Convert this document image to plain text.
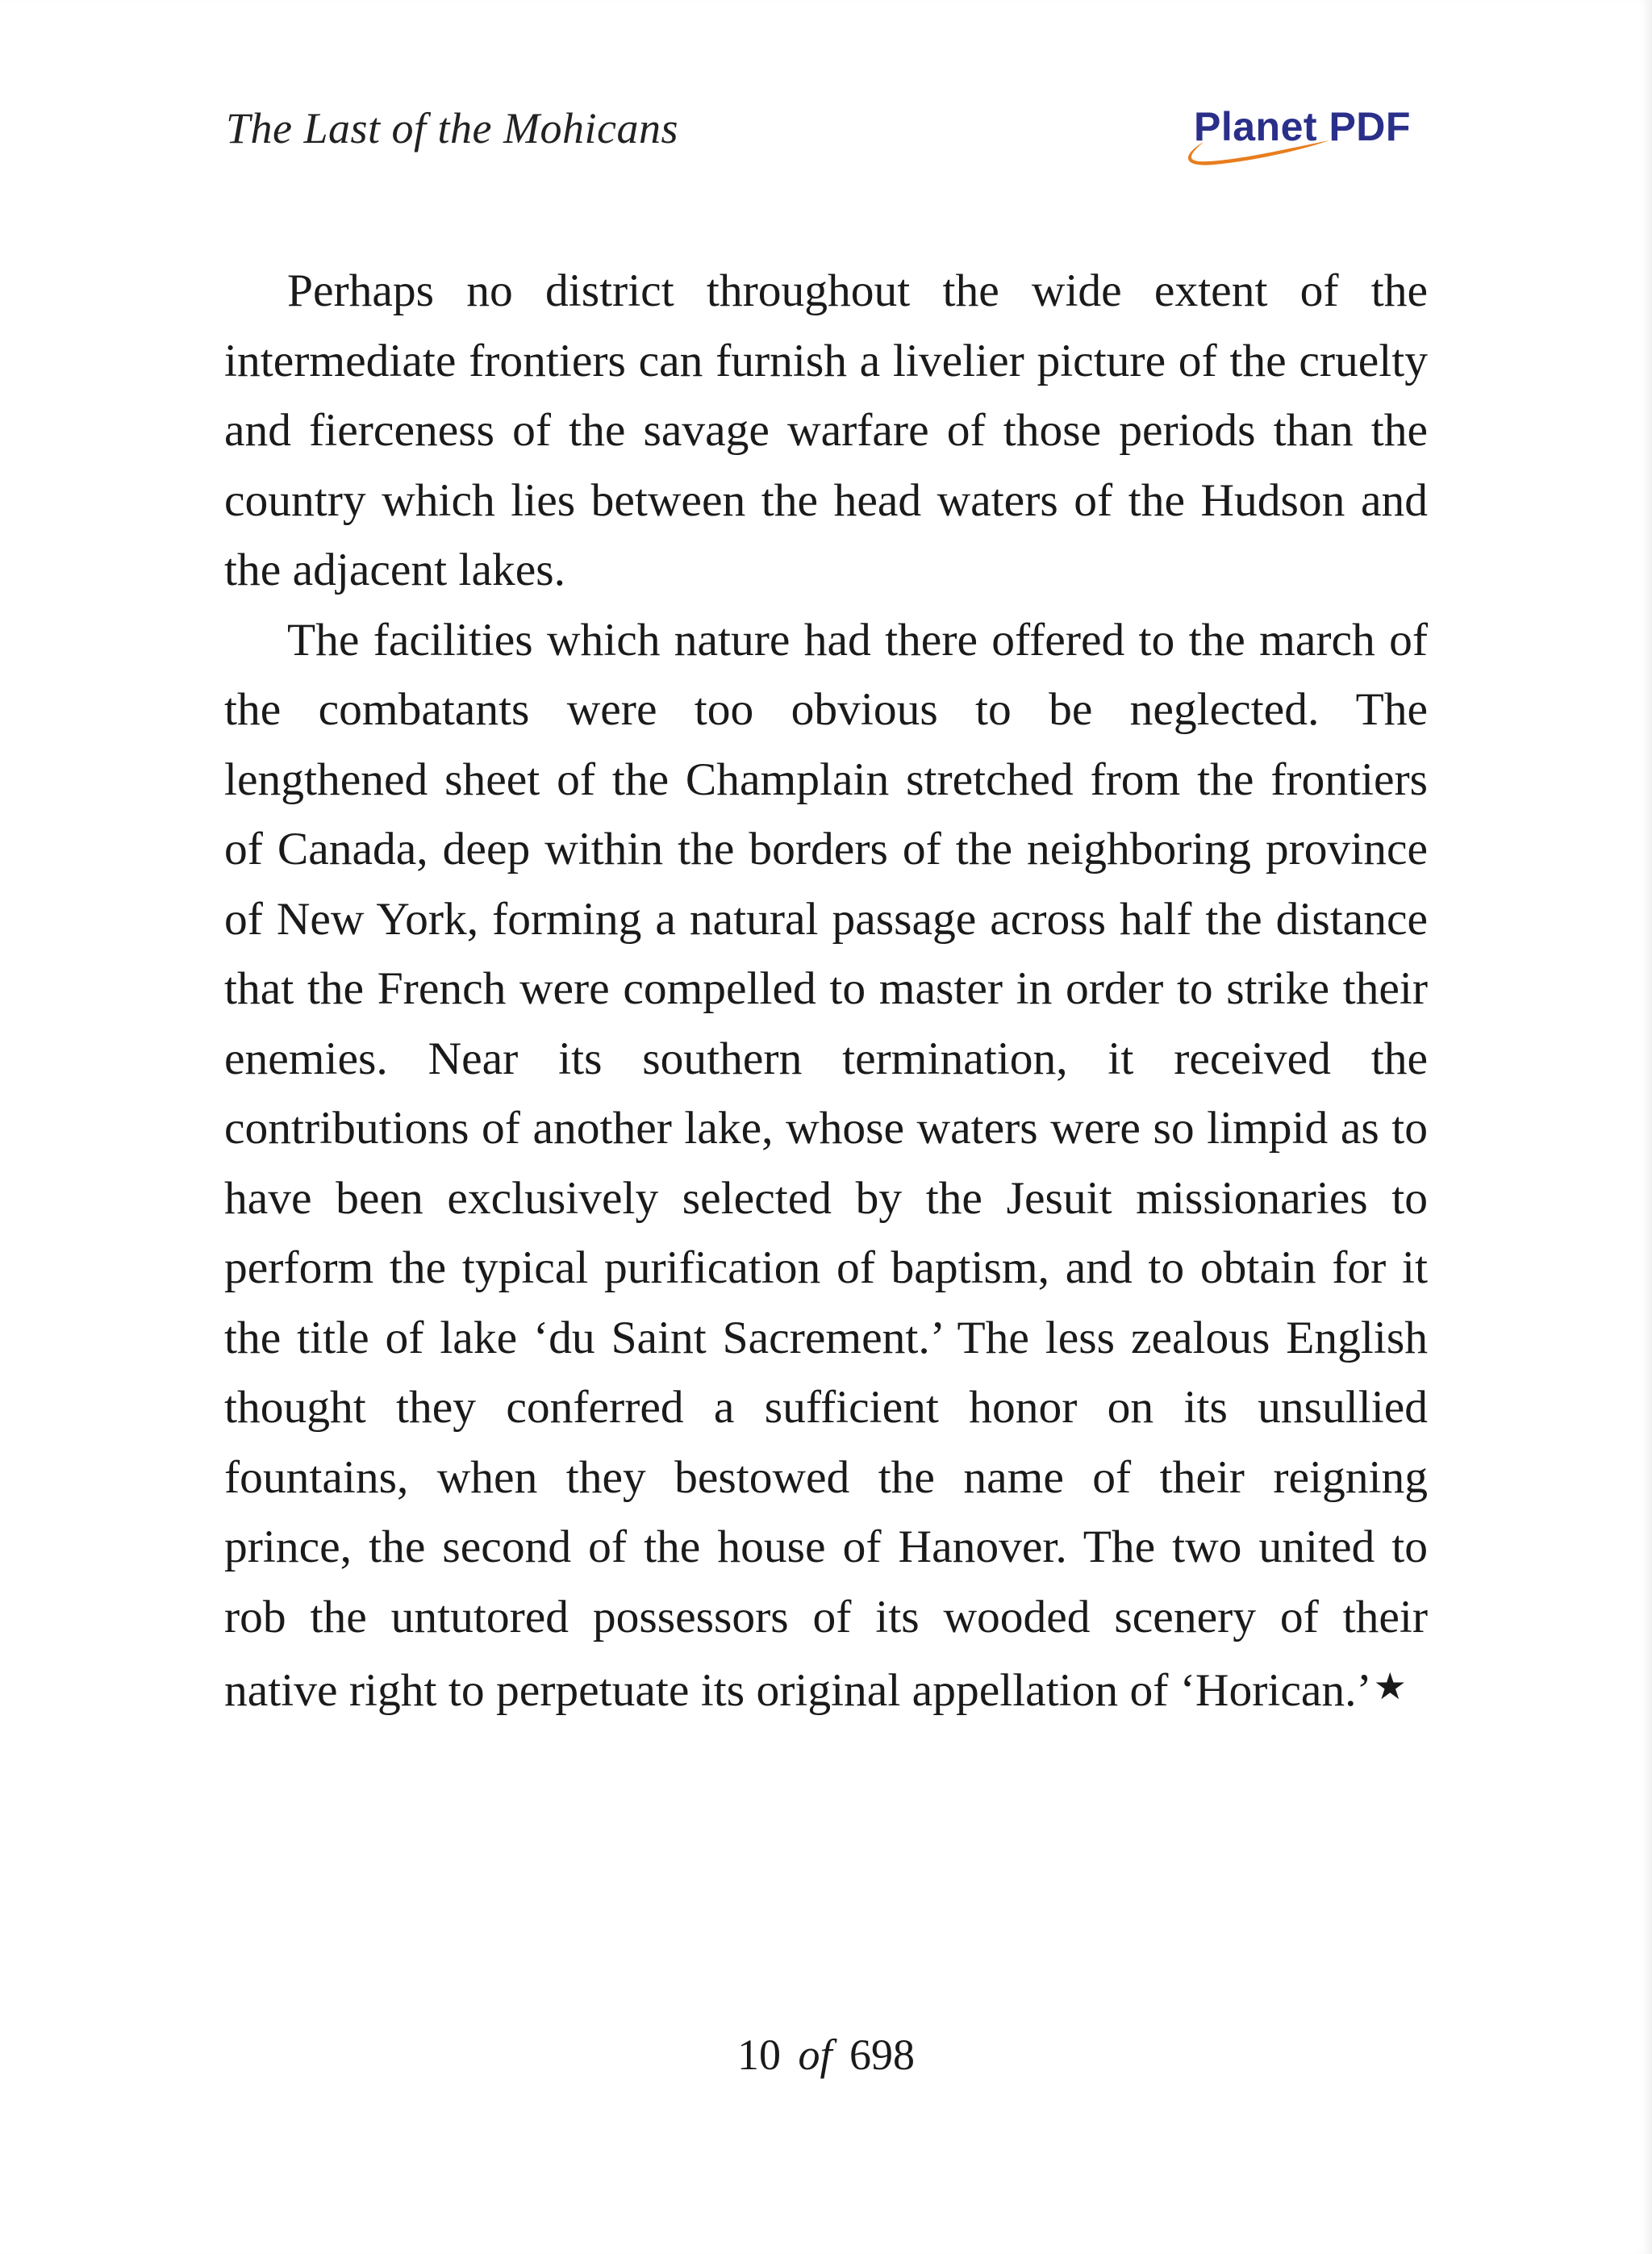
The Last of the Mohicans	Planet PDF

Perhaps no district throughout the wide extent of the intermediate frontiers can furnish a livelier picture of the cruelty and fierceness of the savage warfare of those periods than the country which lies between the head waters of the Hudson and the adjacent lakes.

The facilities which nature had there offered to the march of the combatants were too obvious to be neglected. The lengthened sheet of the Champlain stretched from the frontiers of Canada, deep within the borders of the neighboring province of New York, forming a natural passage across half the distance that the French were compelled to master in order to strike their enemies. Near its southern termination, it received the contributions of another lake, whose waters were so limpid as to have been exclusively selected by the Jesuit missionaries to perform the typical purification of baptism, and to obtain for it the title of lake ‘du Saint Sacrement.’ The less zealous English thought they conferred a sufficient honor on its unsullied fountains, when they bestowed the name of their reigning prince, the second of the house of Hanover. The two united to rob the untutored possessors of its wooded scenery of their native right to perpetuate its original appellation of ‘Horican.’★

10 of 698
